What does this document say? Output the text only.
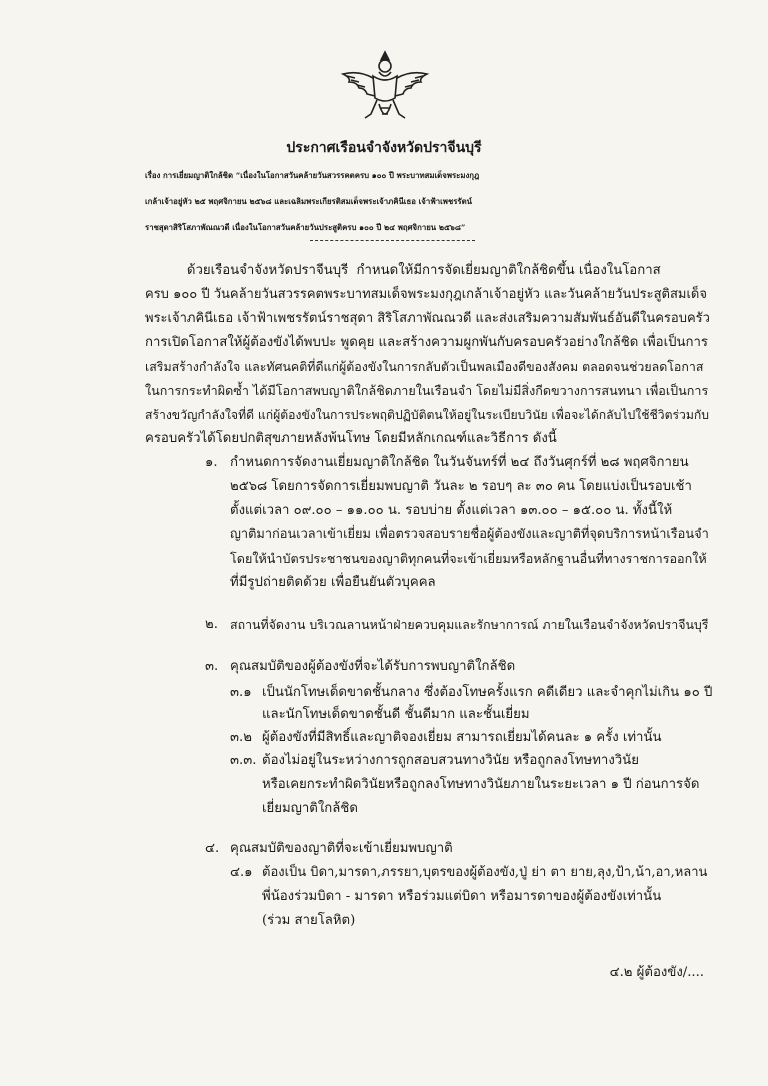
ประกาศเรือนจำจังหวัดปราจีนบุรี
เรื่อง การเยี่ยมญาติใกล้ชิด “เนื่องในโอกาสวันคล้ายวันสวรรคตครบ ๑๐๐ ปี พระบาทสมเด็จพระมงกุฎ
เกล้าเจ้าอยู่หัว ๒๕ พฤศจิกายน ๒๕๖๘ และเฉลิมพระเกียรติสมเด็จพระเจ้าภคินีเธอ เจ้าฟ้าเพชรรัตน์
ราชสุดาสิริโสภาพัณณวดี เนื่องในโอกาสวันคล้ายวันประสูติครบ ๑๐๐ ปี ๒๔ พฤศจิกายน ๒๕๖๘”
ด้วยเรือนจำจังหวัดปราจีนบุรี  กำหนดให้มีการจัดเยี่ยมญาติใกล้ชิดขึ้น เนื่องในโอกาส
ครบ ๑๐๐ ปี วันคล้ายวันสวรรคตพระบาทสมเด็จพระมงกุฎเกล้าเจ้าอยู่หัว และวันคล้ายวันประสูติสมเด็จ
พระเจ้าภคินีเธอ เจ้าฟ้าเพชรรัตน์ราชสุดา สิริโสภาพัณณวดี และส่งเสริมความสัมพันธ์อันดีในครอบครัว
การเปิดโอกาสให้ผู้ต้องขังได้พบปะ พูดคุย และสร้างความผูกพันกับครอบครัวอย่างใกล้ชิด เพื่อเป็นการ
เสริมสร้างกำลังใจ และทัศนคติที่ดีแก่ผู้ต้องขังในการกลับตัวเป็นพลเมืองดีของสังคม ตลอดจนช่วยลดโอกาส
ในการกระทำผิดซ้ำ ได้มีโอกาสพบญาติใกล้ชิดภายในเรือนจำ โดยไม่มีสิ่งกีดขวางการสนทนา เพื่อเป็นการ
สร้างขวัญกำลังใจที่ดี แก่ผู้ต้องขังในการประพฤติปฏิบัติตนให้อยู่ในระเบียบวินัย เพื่อจะได้กลับไปใช้ชีวิตร่วมกับ
ครอบครัวได้โดยปกติสุขภายหลังพ้นโทษ โดยมีหลักเกณฑ์และวิธีการ ดังนี้
๑. กำหนดการจัดงานเยี่ยมญาติใกล้ชิด ในวันจันทร์ที่ ๒๔ ถึงวันศุกร์ที่ ๒๘ พฤศจิกายน
๒๕๖๘ โดยการจัดการเยี่ยมพบญาติ วันละ ๒ รอบๆ ละ ๓๐ คน โดยแบ่งเป็นรอบเช้า
ตั้งแต่เวลา ๐๙.๐๐ – ๑๑.๐๐ น. รอบบ่าย ตั้งแต่เวลา ๑๓.๐๐ – ๑๕.๐๐ น. ทั้งนี้ให้
ญาติมาก่อนเวลาเข้าเยี่ยม เพื่อตรวจสอบรายชื่อผู้ต้องขังและญาติที่จุดบริการหน้าเรือนจำ
โดยให้นำบัตรประชาชนของญาติทุกคนที่จะเข้าเยี่ยมหรือหลักฐานอื่นที่ทางราชการออกให้
ที่มีรูปถ่ายติดด้วย เพื่อยืนยันตัวบุคคล
๒. สถานที่จัดงาน บริเวณลานหน้าฝ่ายควบคุมและรักษาการณ์ ภายในเรือนจำจังหวัดปราจีนบุรี
๓. คุณสมบัติของผู้ต้องขังที่จะได้รับการพบญาติใกล้ชิด
๓.๑ เป็นนักโทษเด็ดขาดชั้นกลาง ซึ่งต้องโทษครั้งแรก คดีเดียว และจำคุกไม่เกิน ๑๐ ปี
และนักโทษเด็ดขาดชั้นดี ชั้นดีมาก และชั้นเยี่ยม
๓.๒ ผู้ต้องขังที่มีสิทธิ์และญาติจองเยี่ยม สามารถเยี่ยมได้คนละ ๑ ครั้ง เท่านั้น
๓.๓. ต้องไม่อยู่ในระหว่างการถูกสอบสวนทางวินัย หรือถูกลงโทษทางวินัย
หรือเคยกระทำผิดวินัยหรือถูกลงโทษทางวินัยภายในระยะเวลา ๑ ปี ก่อนการจัด
เยี่ยมญาติใกล้ชิด
๔. คุณสมบัติของญาติที่จะเข้าเยี่ยมพบญาติ
๔.๑ ต้องเป็น บิดา,มารดา,ภรรยา,บุตรของผู้ต้องขัง,ปู่ ย่า ตา ยาย,ลุง,ป้า,น้า,อา,หลาน
พี่น้องร่วมบิดา - มารดา หรือร่วมแต่บิดา หรือมารดาของผู้ต้องขังเท่านั้น
(ร่วม สายโลหิต)
๔.๒ ผู้ต้องขัง/....
